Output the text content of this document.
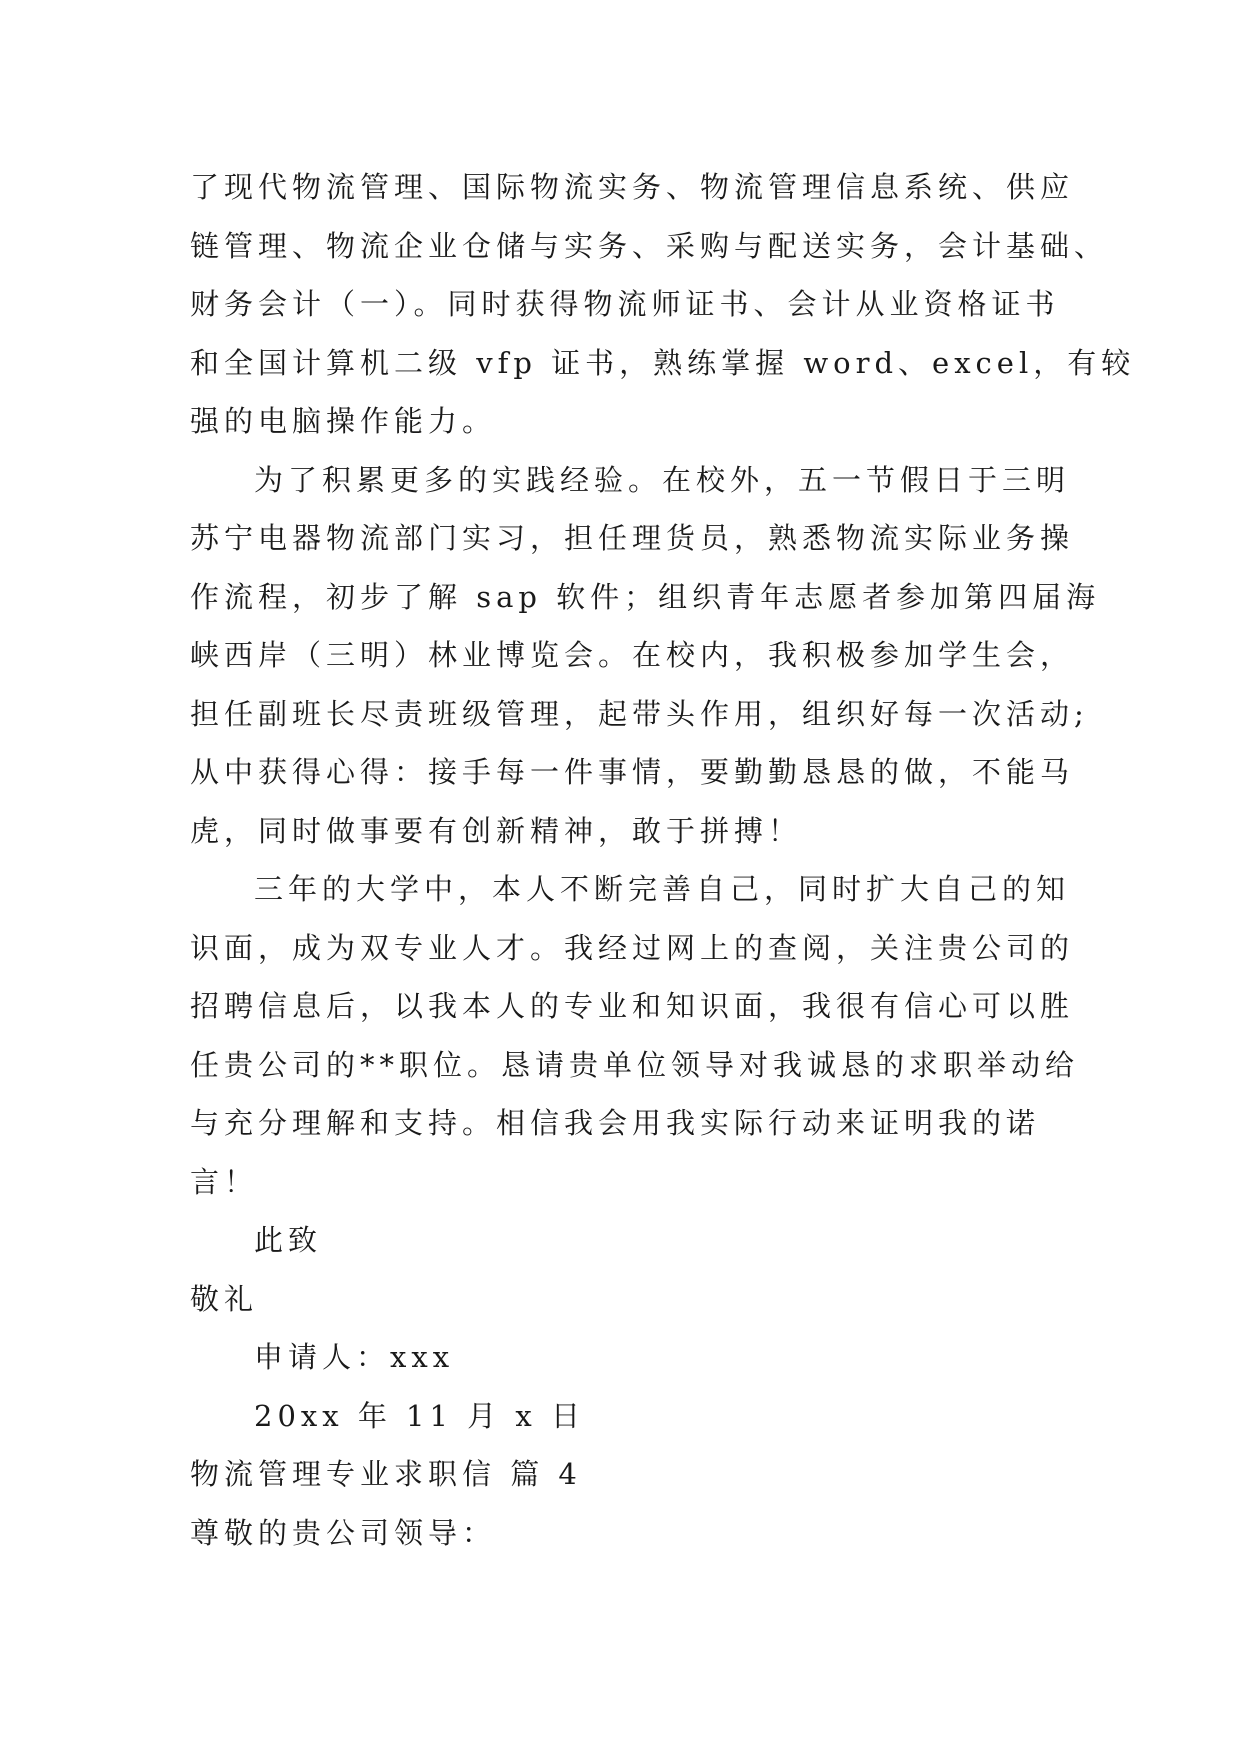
了现代物流管理、国际物流实务、物流管理信息系统、供应
链管理、物流企业仓储与实务、采购与配送实务，会计基础、
财务会计（一）。同时获得物流师证书、会计从业资格证书
和全国计算机二级 vfp 证书，熟练掌握 word、excel，有较
强的电脑操作能力。
为了积累更多的实践经验。在校外，五一节假日于三明
苏宁电器物流部门实习，担任理货员，熟悉物流实际业务操
作流程，初步了解 sap 软件；组织青年志愿者参加第四届海
峡西岸（三明）林业博览会。在校内，我积极参加学生会，
担任副班长尽责班级管理，起带头作用，组织好每一次活动;
从中获得心得：接手每一件事情，要勤勤恳恳的做，不能马
虎，同时做事要有创新精神，敢于拼搏！
三年的大学中，本人不断完善自己，同时扩大自己的知
识面，成为双专业人才。我经过网上的查阅，关注贵公司的
招聘信息后，以我本人的专业和知识面，我很有信心可以胜
任贵公司的**职位。恳请贵单位领导对我诚恳的求职举动给
与充分理解和支持。相信我会用我实际行动来证明我的诺
言！
此致
敬礼
申请人：xxx
20xx 年 11 月 x 日
物流管理专业求职信 篇 4
尊敬的贵公司领导：
